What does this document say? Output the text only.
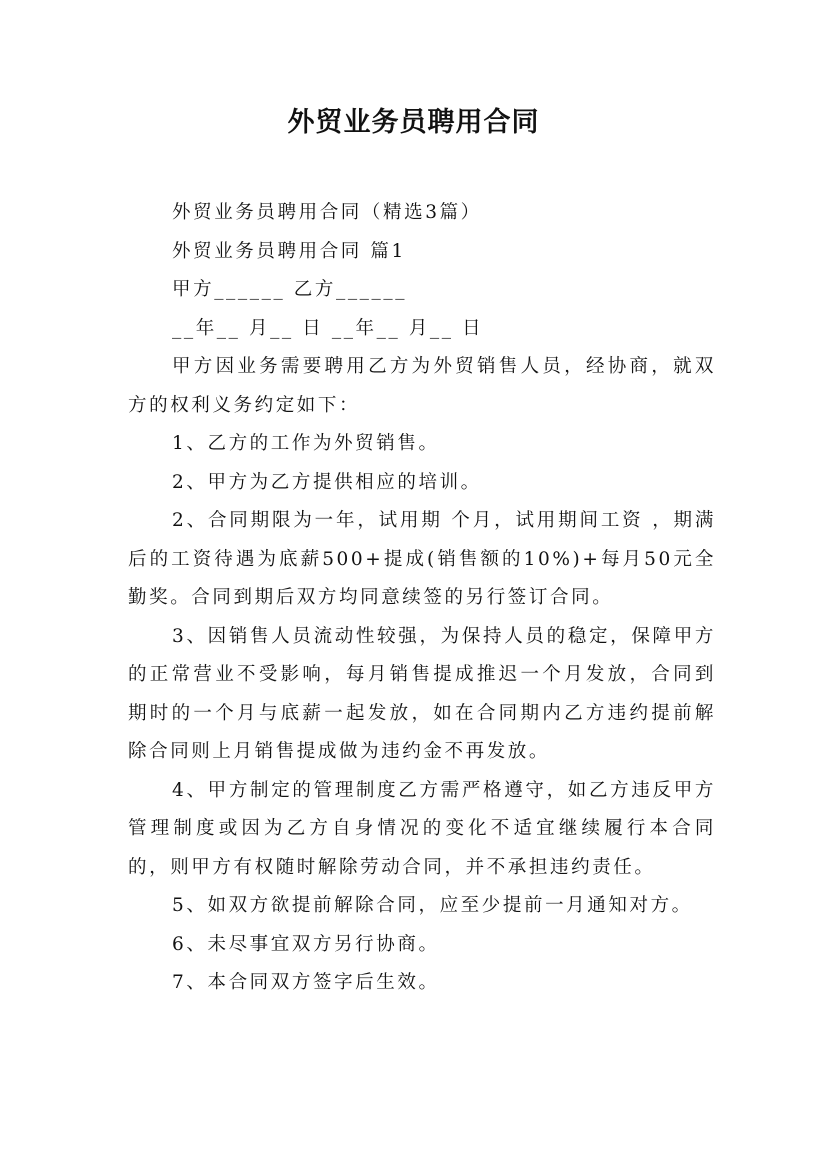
外贸业务员聘用合同

外贸业务员聘用合同（精选3篇）

外贸业务员聘用合同 篇1

甲方______ 乙方______

__年__ 月__ 日 __年__ 月__ 日

甲方因业务需要聘用乙方为外贸销售人员，经协商，就双方的权利义务约定如下：

1、乙方的工作为外贸销售。

2、甲方为乙方提供相应的培训。

2、合同期限为一年，试用期 个月，试用期间工资 ，期满后的工资待遇为底薪500+提成(销售额的10%)+每月50元全勤奖。合同到期后双方均同意续签的另行签订合同。

3、因销售人员流动性较强，为保持人员的稳定，保障甲方的正常营业不受影响，每月销售提成推迟一个月发放，合同到期时的一个月与底薪一起发放，如在合同期内乙方违约提前解除合同则上月销售提成做为违约金不再发放。

4、甲方制定的管理制度乙方需严格遵守，如乙方违反甲方管理制度或因为乙方自身情况的变化不适宜继续履行本合同的，则甲方有权随时解除劳动合同，并不承担违约责任。

5、如双方欲提前解除合同，应至少提前一月通知对方。

6、未尽事宜双方另行协商。

7、本合同双方签字后生效。
